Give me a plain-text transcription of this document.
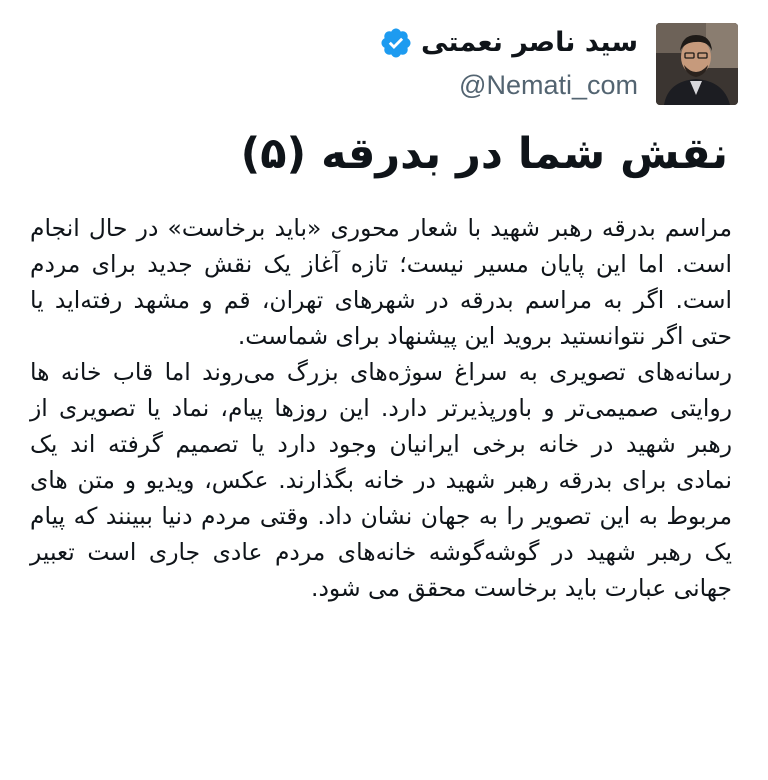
سید ناصر نعمتی
@Nemati_com
نقش شما در بدرقه (۵)

مراسم بدرقه رهبر شهید با شعار محوری «باید برخاست» در حال انجام است. اما این پایان مسیر نیست؛ تازه آغاز یک نقش جدید برای مردم است. اگر به مراسم بدرقه در شهرهای تهران، قم و مشهد رفته‌اید یا حتی اگر نتوانستید بروید این پیشنهاد برای شماست.

رسانه‌های تصویری به سراغ سوژه‌های بزرگ می‌روند اما قاب خانه ها روایتی صمیمی‌تر و باورپذیرتر دارد. این روزها پیام، نماد یا تصویری از رهبر شهید در خانه برخی ایرانیان وجود دارد یا تصمیم گرفته اند یک نمادی برای بدرقه رهبر شهید در خانه بگذارند. عکس، ویدیو و متن های مربوط به این تصویر را به جهان نشان داد. وقتی مردم دنیا ببینند که پیام یک رهبر شهید در گوشه‌گوشه خانه‌های مردم عادی جاری است تعبیر جهانی عبارت باید برخاست محقق می شود.
